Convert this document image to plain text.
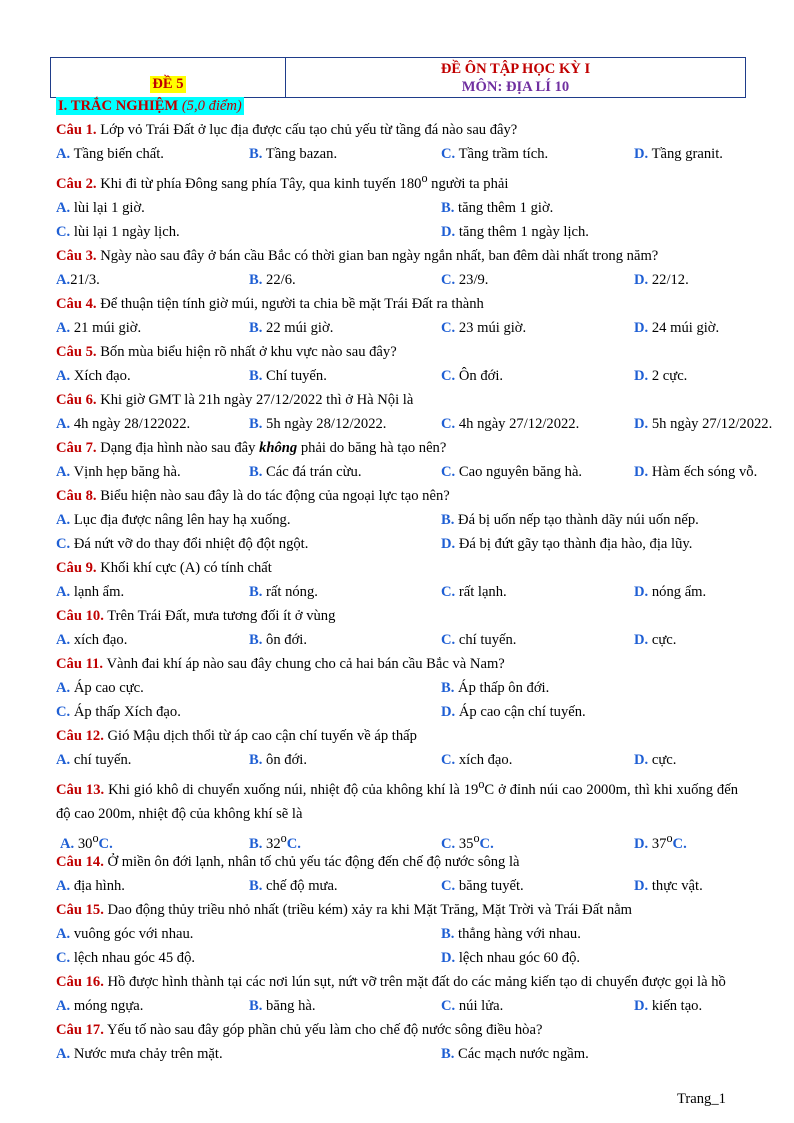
ĐỀ 5
ĐỀ ÔN TẬP HỌC KỲ I
MÔN: ĐỊA LÍ 10
I. TRẮC NGHIỆM (5,0 điểm)
Câu 1. Lớp vỏ Trái Đất ở lục địa được cấu tạo chủ yếu từ tầng đá nào sau đây?
A. Tầng biến chất.	B. Tầng bazan.	C. Tầng trầm tích.	D. Tầng granit.
Câu 2. Khi đi từ phía Đông sang phía Tây, qua kinh tuyến 180$^o$ người ta phải
A. lùi lại 1 giờ.	B. tăng thêm 1 giờ.
C. lùi lại 1 ngày lịch.	D. tăng thêm 1 ngày lịch.
Câu 3. Ngày nào sau đây ở bán cầu Bắc có thời gian ban ngày ngắn nhất, ban đêm dài nhất trong năm?
A.21/3.	B. 22/6.	C. 23/9.	D. 22/12.
Câu 4. Để thuận tiện tính giờ múi, người ta chia bề mặt Trái Đất ra thành
A. 21 múi giờ.	B. 22 múi giờ.	C. 23 múi giờ.	D. 24 múi giờ.
Câu 5. Bốn mùa biểu hiện rõ nhất ở khu vực nào sau đây?
A. Xích đạo.	B. Chí tuyến.	C. Ôn đới.	D. 2 cực.
Câu 6. Khi giờ GMT là 21h ngày 27/12/2022 thì ở Hà Nội là
A. 4h ngày 28/122022.	B. 5h ngày 28/12/2022.	C. 4h ngày 27/12/2022.	D. 5h ngày 27/12/2022.
Câu 7. Dạng địa hình nào sau đây không phải do băng hà tạo nên?
A. Vịnh hẹp băng hà.	B. Các đá trán cừu.	C. Cao nguyên băng hà.	D. Hàm ếch sóng vỗ.
Câu 8. Biểu hiện nào sau đây là do tác động của ngoại lực tạo nên?
A. Lục địa được nâng lên hay hạ xuống.	B. Đá bị uốn nếp tạo thành dãy núi uốn nếp.
C. Đá nứt vỡ do thay đổi nhiệt độ đột ngột.	D. Đá bị đứt gãy tạo thành địa hào, địa lũy.
Câu 9. Khối khí cực (A) có tính chất
A. lạnh ẩm.	B. rất nóng.	C. rất lạnh.	D. nóng ẩm.
Câu 10. Trên Trái Đất, mưa tương đối ít ở vùng
A. xích đạo.	B. ôn đới.	C. chí tuyến.	D. cực.
Câu 11. Vành đai khí áp nào sau đây chung cho cả hai bán cầu Bắc và Nam?
A. Áp cao cực.	B. Áp thấp ôn đới.
C. Áp thấp Xích đạo.	D. Áp cao cận chí tuyến.
Câu 12. Gió Mậu dịch thổi từ áp cao cận chí tuyến về áp thấp
A. chí tuyến.	B. ôn đới.	C. xích đạo.	D. cực.
Câu 13. Khi gió khô di chuyển xuống núi, nhiệt độ của không khí là 19$^o$C ở đỉnh núi cao 2000m, thì khi xuống đến độ cao 200m, nhiệt độ của không khí sẽ là
A. 30$^o$C.	B. 32$^o$C.	C. 35$^o$C.	D. 37$^o$C.
Câu 14. Ở miền ôn đới lạnh, nhân tố chủ yếu tác động đến chế độ nước sông là
A. địa hình.	B. chế độ mưa.	C. băng tuyết.	D. thực vật.
Câu 15. Dao động thủy triều nhỏ nhất (triều kém) xảy ra khi Mặt Trăng, Mặt Trời và Trái Đất nằm
A. vuông góc với nhau.	B. thẳng hàng với nhau.
C. lệch nhau góc 45 độ.	D. lệch nhau góc 60 độ.
Câu 16. Hồ được hình thành tại các nơi lún sụt, nứt vỡ trên mặt đất do các mảng kiến tạo di chuyển được gọi là hồ
A. móng ngựa.	B. băng hà.	C. núi lửa.	D. kiến tạo.
Câu 17. Yếu tố nào sau đây góp phần chủ yếu làm cho chế độ nước sông điều hòa?
A. Nước mưa chảy trên mặt.	B. Các mạch nước ngầm.
Trang_1
